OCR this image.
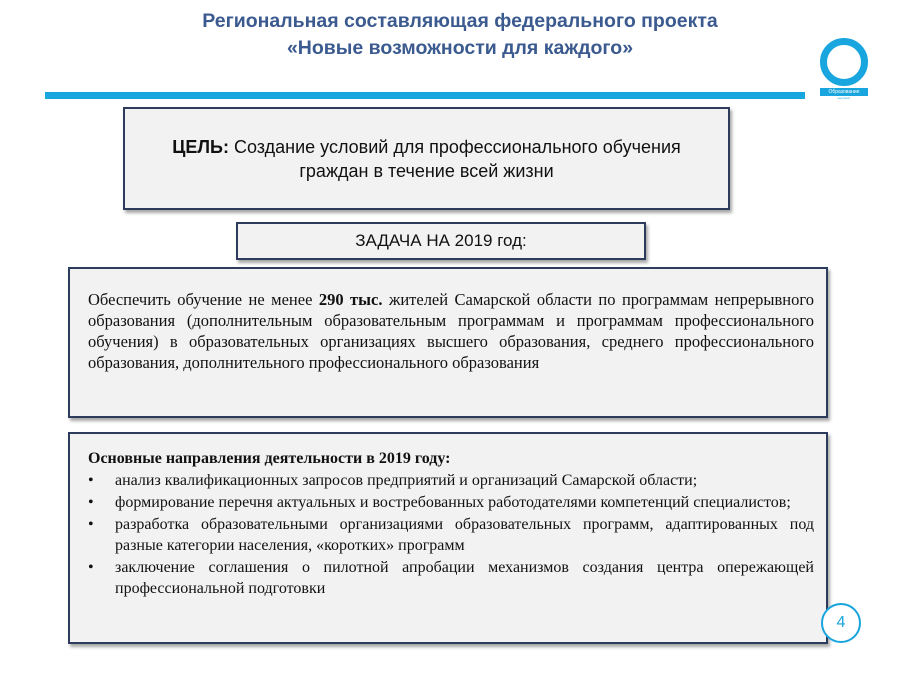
Региональная составляющая федерального проекта
«Новые возможности для каждого»
Образование
нац.проект
ЦЕЛЬ: Создание условий для профессионального обучения граждан в течение всей жизни
ЗАДАЧА НА 2019 год:
Обеспечить обучение не менее 290 тыс. жителей Самарской области по программам непрерывного образования (дополнительным образовательным программам и программам профессионального обучения) в образовательных организациях высшего образования, среднего профессионального образования, дополнительного профессионального образования
Основные направления деятельности в 2019 году:
• анализ квалификационных запросов предприятий и организаций Самарской области;
• формирование перечня актуальных и востребованных работодателями компетенций специалистов;
• разработка образовательными организациями образовательных программ, адаптированных под разные категории населения, «коротких» программ
• заключение соглашения о пилотной апробации механизмов создания центра опережающей профессиональной подготовки
4
